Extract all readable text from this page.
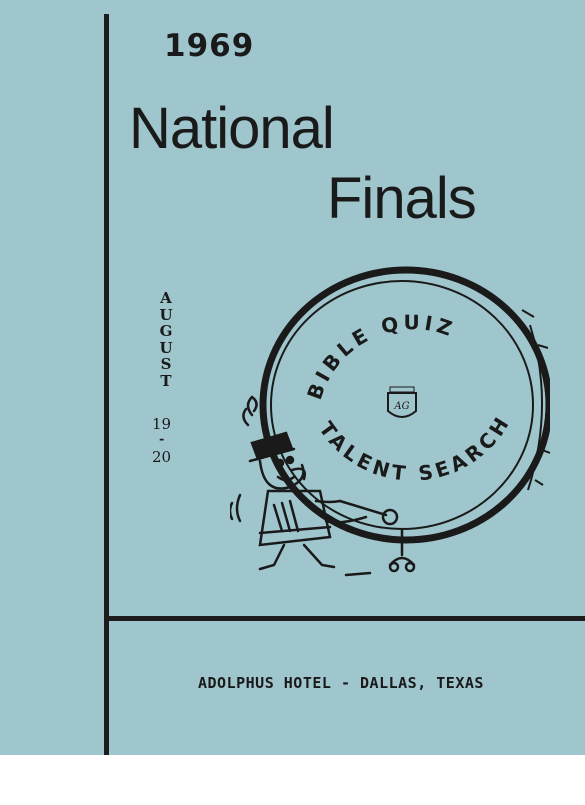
1969
National
Finals
AUGUST
19
-
20
BIBLE QUIZ
TALENT SEARCH
AG
ADOLPHUS HOTEL - DALLAS, TEXAS
